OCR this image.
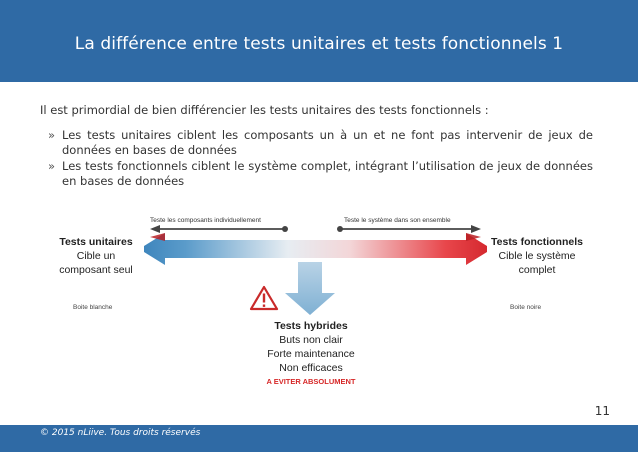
La différence entre tests unitaires et tests fonctionnels 1

Il est primordial de bien différencier les tests unitaires des tests fonctionnels :

» Les tests unitaires ciblent les composants un à un et ne font pas intervenir de jeux de données en bases de données
» Les tests fonctionnels ciblent le système complet, intégrant l’utilisation de jeux de données en bases de données
Teste les composants individuellement	Teste le système dans son ensemble
Tests unitaires
Cible un
composant seul
Boite blanche
Tests fonctionnels
Cible le système
complet
Boite noire
Tests hybrides
Buts non clair
Forte maintenance
Non efficaces
A EVITER ABSOLUMENT
11
© 2015 nLiive. Tous droits réservés
